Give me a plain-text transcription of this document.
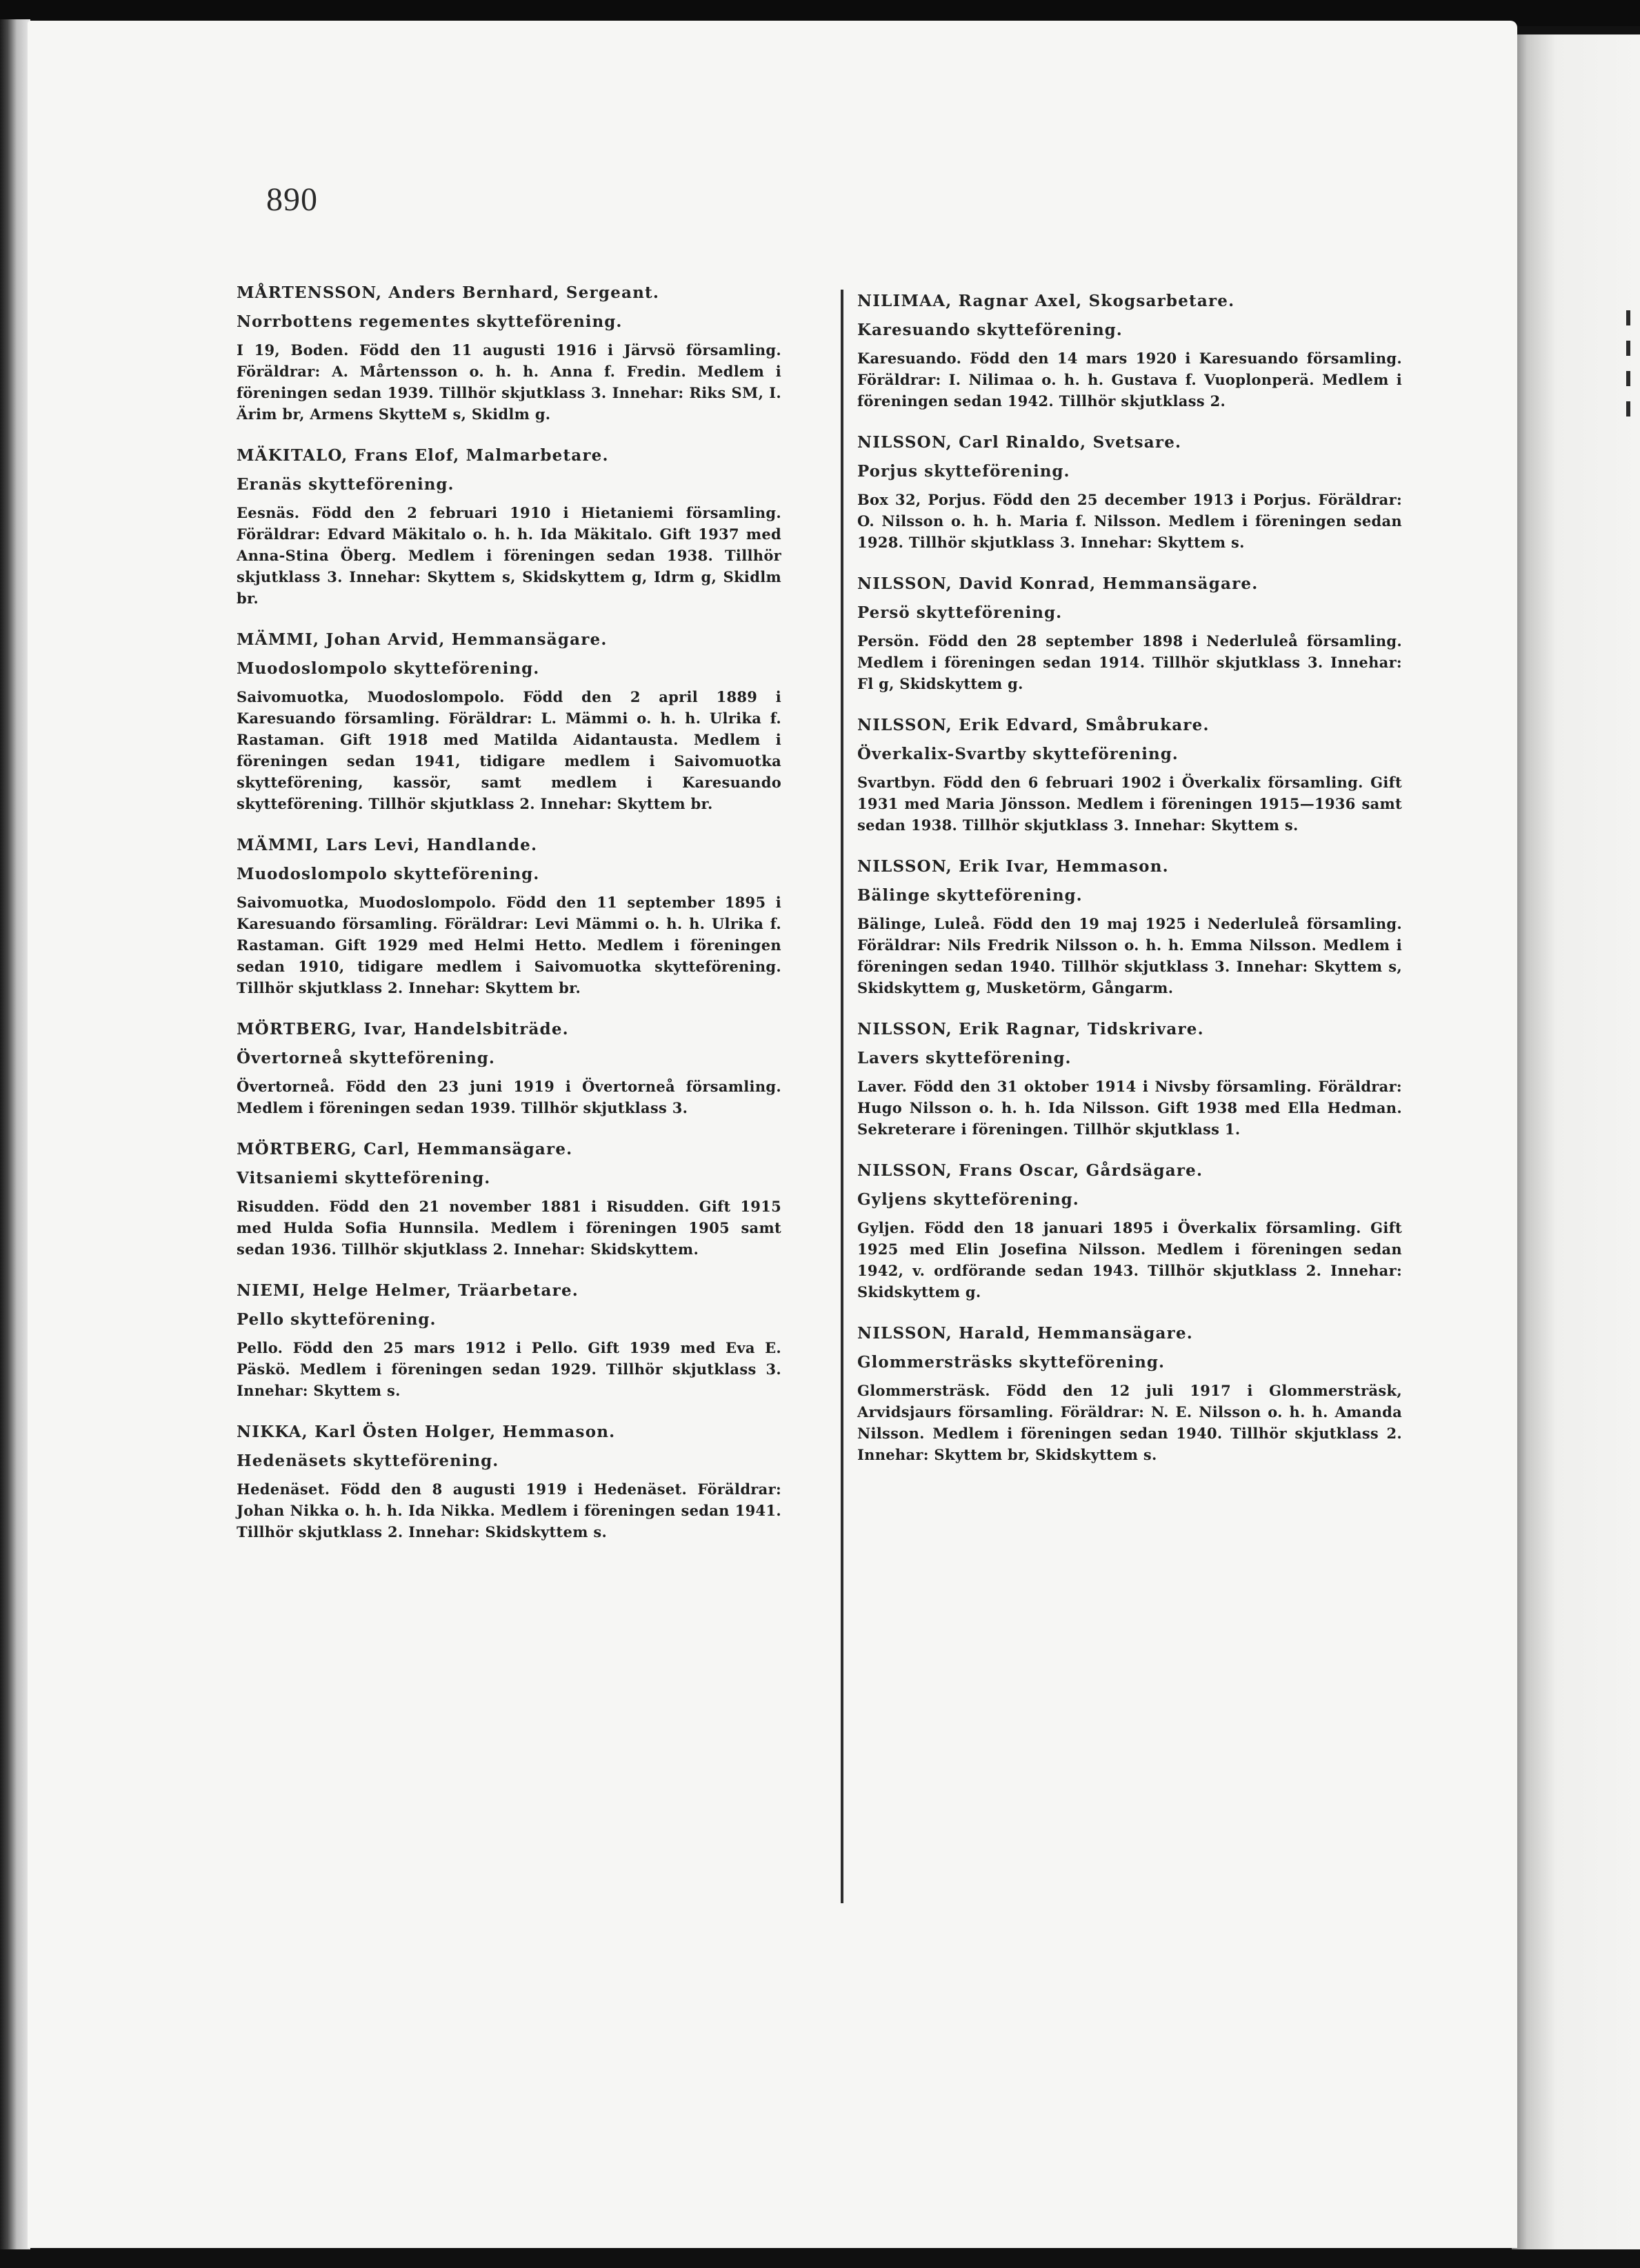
890
MÅRTENSSON, Anders Bernhard, Sergeant.
Norrbottens regementes skytteförening.

I 19, Boden. Född den 11 augusti 1916 i Järvsö församling. Föräldrar: A. Mårtensson o. h. h. Anna f. Fredin. Medlem i föreningen sedan 1939. Tillhör skjutklass 3. Innehar: Riks SM, I. Ärim br, Armens SkytteM s, Skidlm g.

MÄKITALO, Frans Elof, Malmarbetare.
Eranäs skytteförening.

Eesnäs. Född den 2 februari 1910 i Hietaniemi församling. Föräldrar: Edvard Mäkitalo o. h. h. Ida Mäkitalo. Gift 1937 med Anna-Stina Öberg. Medlem i föreningen sedan 1938. Tillhör skjutklass 3. Innehar: Skyttem s, Skidskyttem g, Idrm g, Skidlm br.

MÄMMI, Johan Arvid, Hemmansägare.
Muodoslompolo skytteförening.

Saivomuotka, Muodoslompolo. Född den 2 april 1889 i Karesuando församling. Föräldrar: L. Mämmi o. h. h. Ulrika f. Rastaman. Gift 1918 med Matilda Aidantausta. Medlem i föreningen sedan 1941, tidigare medlem i Saivomuotka skytteförening, kassör, samt medlem i Karesuando skytteförening. Tillhör skjutklass 2. Innehar: Skyttem br.

MÄMMI, Lars Levi, Handlande.
Muodoslompolo skytteförening.

Saivomuotka, Muodoslompolo. Född den 11 september 1895 i Karesuando församling. Föräldrar: Levi Mämmi o. h. h. Ulrika f. Rastaman. Gift 1929 med Helmi Hetto. Medlem i föreningen sedan 1910, tidigare medlem i Saivomuotka skytteförening. Tillhör skjutklass 2. Innehar: Skyttem br.

MÖRTBERG, Ivar, Handelsbiträde.
Övertorneå skytteförening.

Övertorneå. Född den 23 juni 1919 i Övertorneå församling. Medlem i föreningen sedan 1939. Tillhör skjutklass 3.

MÖRTBERG, Carl, Hemmansägare.
Vitsaniemi skytteförening.

Risudden. Född den 21 november 1881 i Risudden. Gift 1915 med Hulda Sofia Hunnsila. Medlem i föreningen 1905 samt sedan 1936. Tillhör skjutklass 2. Innehar: Skidskyttem.

NIEMI, Helge Helmer, Träarbetare.
Pello skytteförening.

Pello. Född den 25 mars 1912 i Pello. Gift 1939 med Eva E. Päskö. Medlem i föreningen sedan 1929. Tillhör skjutklass 3. Innehar: Skyttem s.

NIKKA, Karl Östen Holger, Hemmason.
Hedenäsets skytteförening.

Hedenäset. Född den 8 augusti 1919 i Hedenäset. Föräldrar: Johan Nikka o. h. h. Ida Nikka. Medlem i föreningen sedan 1941. Tillhör skjutklass 2. Innehar: Skidskyttem s.

NILIMAA, Ragnar Axel, Skogsarbetare.
Karesuando skytteförening.

Karesuando. Född den 14 mars 1920 i Karesuando församling. Föräldrar: I. Nilimaa o. h. h. Gustava f. Vuoplonperä. Medlem i föreningen sedan 1942. Tillhör skjutklass 2.

NILSSON, Carl Rinaldo, Svetsare.
Porjus skytteförening.

Box 32, Porjus. Född den 25 december 1913 i Porjus. Föräldrar: O. Nilsson o. h. h. Maria f. Nilsson. Medlem i föreningen sedan 1928. Tillhör skjutklass 3. Innehar: Skyttem s.

NILSSON, David Konrad, Hemmansägare.
Persö skytteförening.

Persön. Född den 28 september 1898 i Nederluleå församling. Medlem i föreningen sedan 1914. Tillhör skjutklass 3. Innehar: Fl g, Skidskyttem g.

NILSSON, Erik Edvard, Småbrukare.
Överkalix-Svartby skytteförening.

Svartbyn. Född den 6 februari 1902 i Överkalix församling. Gift 1931 med Maria Jönsson. Medlem i föreningen 1915—1936 samt sedan 1938. Tillhör skjutklass 3. Innehar: Skyttem s.

NILSSON, Erik Ivar, Hemmason.
Bälinge skytteförening.

Bälinge, Luleå. Född den 19 maj 1925 i Nederluleå församling. Föräldrar: Nils Fredrik Nilsson o. h. h. Emma Nilsson. Medlem i föreningen sedan 1940. Tillhör skjutklass 3. Innehar: Skyttem s, Skidskyttem g, Musketörm, Gångarm.

NILSSON, Erik Ragnar, Tidskrivare.
Lavers skytteförening.

Laver. Född den 31 oktober 1914 i Nivsby församling. Föräldrar: Hugo Nilsson o. h. h. Ida Nilsson. Gift 1938 med Ella Hedman. Sekreterare i föreningen. Tillhör skjutklass 1.

NILSSON, Frans Oscar, Gårdsägare.
Gyljens skytteförening.

Gyljen. Född den 18 januari 1895 i Överkalix församling. Gift 1925 med Elin Josefina Nilsson. Medlem i föreningen sedan 1942, v. ordförande sedan 1943. Tillhör skjutklass 2. Innehar: Skidskyttem g.

NILSSON, Harald, Hemmansägare.
Glommersträsks skytteförening.

Glommersträsk. Född den 12 juli 1917 i Glommersträsk, Arvidsjaurs församling. Föräldrar: N. E. Nilsson o. h. h. Amanda Nilsson. Medlem i föreningen sedan 1940. Tillhör skjutklass 2. Innehar: Skyttem br, Skidskyttem s.
